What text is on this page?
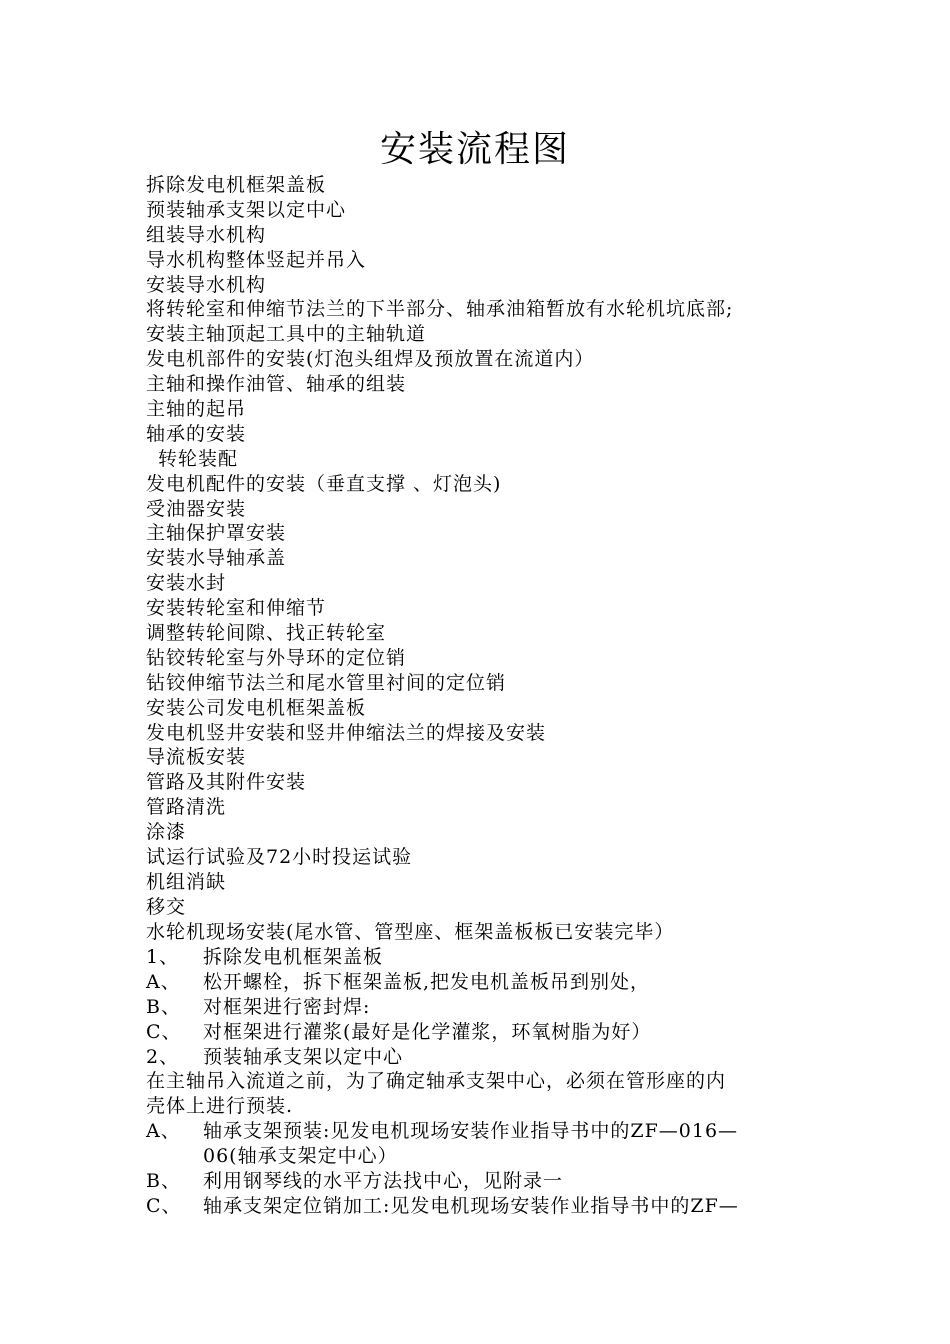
安装流程图
拆除发电机框架盖板
预装轴承支架以定中心
组装导水机构
导水机构整体竖起并吊入
安装导水机构
将转轮室和伸缩节法兰的下半部分、轴承油箱暂放有水轮机坑底部;
安装主轴顶起工具中的主轴轨道
发电机部件的安装(灯泡头组焊及预放置在流道内）
主轴和操作油管、轴承的组装
主轴的起吊
轴承的安装
转轮装配
发电机配件的安装（垂直支撑 、灯泡头)
受油器安装
主轴保护罩安装
安装水导轴承盖
安装水封
安装转轮室和伸缩节
调整转轮间隙、找正转轮室
钻铰转轮室与外导环的定位销
钻铰伸缩节法兰和尾水管里衬间的定位销
安装公司发电机框架盖板
发电机竖井安装和竖井伸缩法兰的焊接及安装
导流板安装
管路及其附件安装
管路清洗
涂漆
试运行试验及72小时投运试验
机组消缺
移交
水轮机现场安装(尾水管、管型座、框架盖板板已安装完毕）
1、	拆除发电机框架盖板
A、	松开螺栓，拆下框架盖板,把发电机盖板吊到别处，
B、	对框架进行密封焊:
C、	对框架进行灌浆(最好是化学灌浆，环氧树脂为好）
2、	预装轴承支架以定中心
在主轴吊入流道之前，为了确定轴承支架中心，必须在管形座的内
壳体上进行预装.
A、	轴承支架预装:见发电机现场安装作业指导书中的ZF—016—
06(轴承支架定中心）
B、	利用钢琴线的水平方法找中心，见附录一
C、	轴承支架定位销加工:见发电机现场安装作业指导书中的ZF—
